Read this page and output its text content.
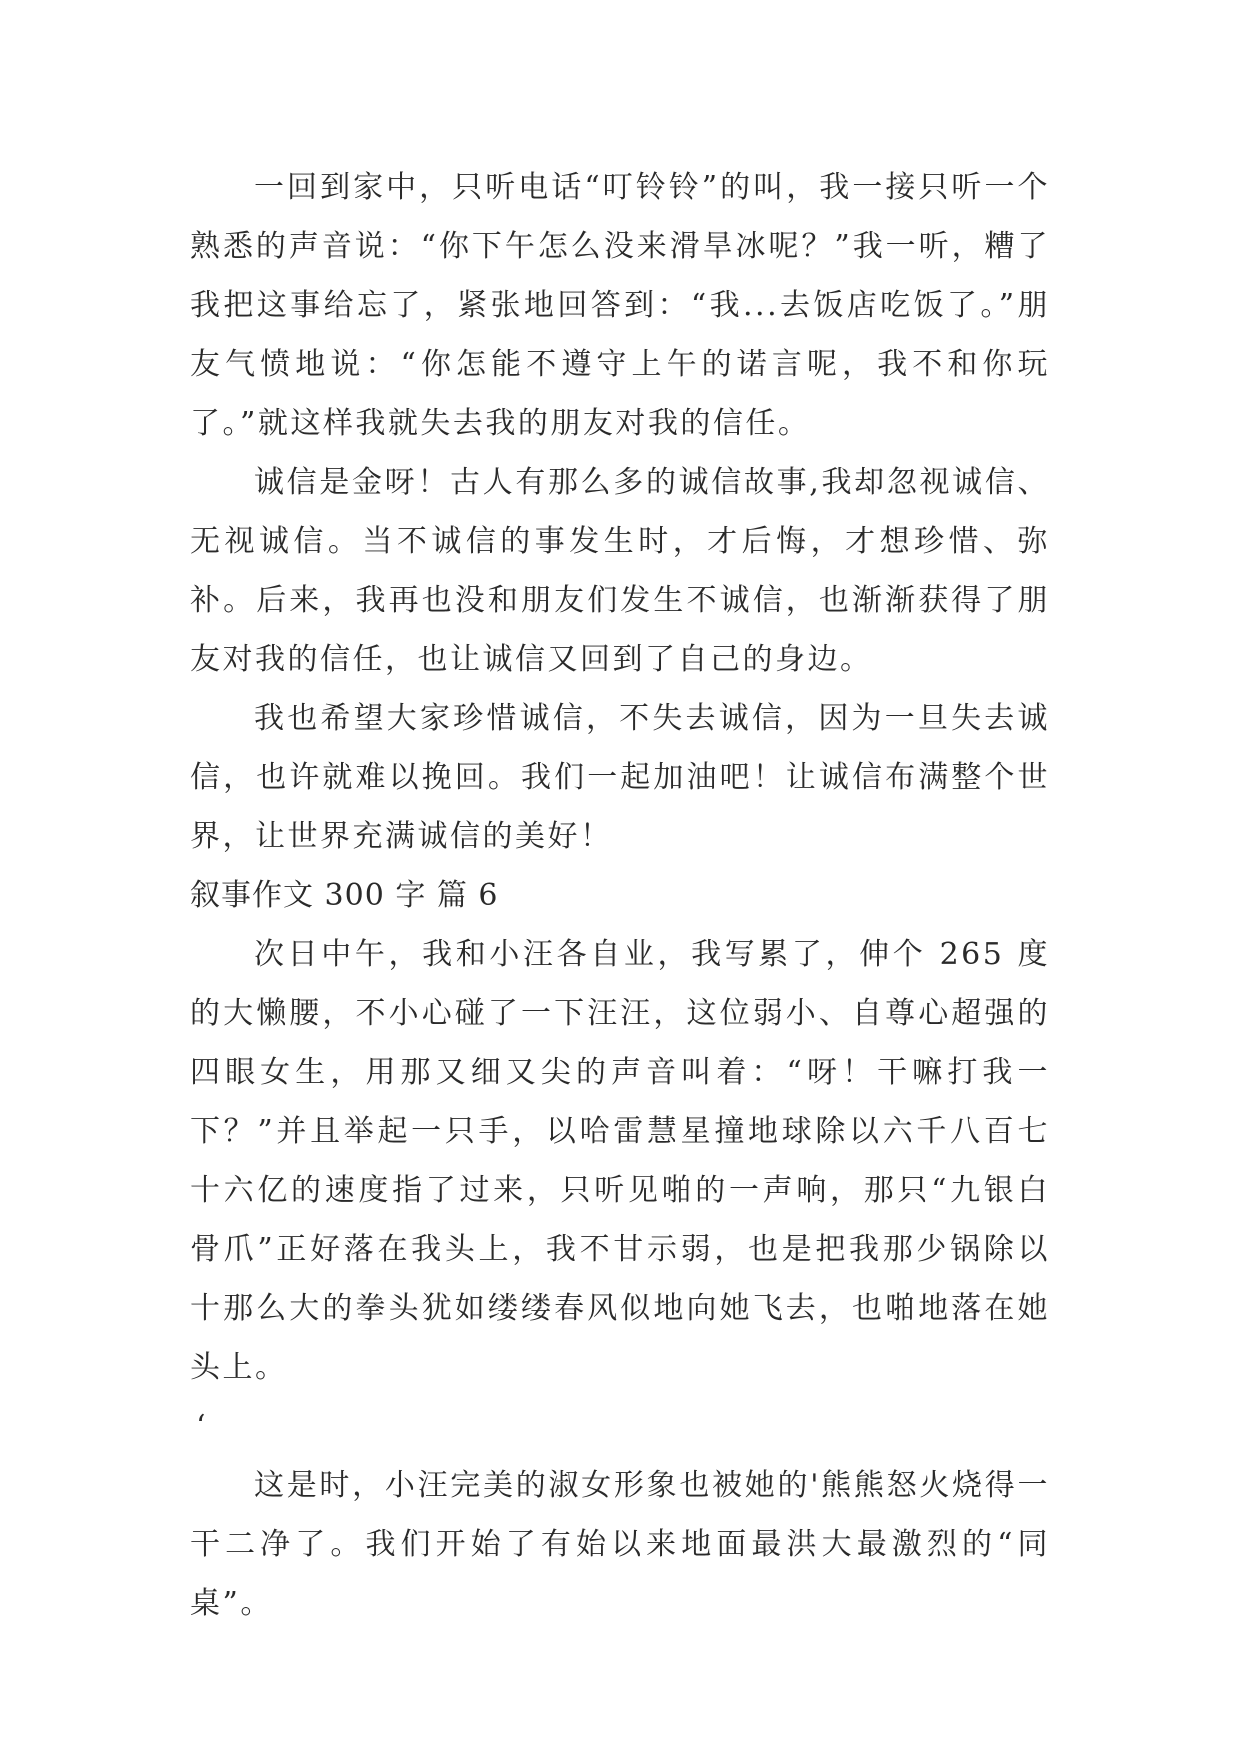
一回到家中，只听电话“叮铃铃”的叫，我一接只听一个熟悉的声音说：“你下午怎么没来滑旱冰呢？”我一听，糟了我把这事给忘了，紧张地回答到：“我...去饭店吃饭了。”朋友气愤地说：“你怎能不遵守上午的诺言呢，我不和你玩了。”就这样我就失去我的朋友对我的信任。

诚信是金呀！古人有那么多的诚信故事,我却忽视诚信、无视诚信。当不诚信的事发生时，才后悔，才想珍惜、弥补。后来，我再也没和朋友们发生不诚信，也渐渐获得了朋友对我的信任，也让诚信又回到了自己的身边。

我也希望大家珍惜诚信，不失去诚信，因为一旦失去诚信，也许就难以挽回。我们一起加油吧！让诚信布满整个世界，让世界充满诚信的美好！

叙事作文 300 字 篇 6

次日中午，我和小汪各自业，我写累了，伸个 265 度的大懒腰，不小心碰了一下汪汪，这位弱小、自尊心超强的四眼女生，用那又细又尖的声音叫着：“呀！干嘛打我一下？”并且举起一只手，以哈雷慧星撞地球除以六千八百七十六亿的速度指了过来，只听见啪的一声响，那只“九银白骨爪”正好落在我头上，我不甘示弱，也是把我那少锅除以十那么大的拳头犹如缕缕春风似地向她飞去，也啪地落在她头上。

‘

这是时，小汪完美的淑女形象也被她的'熊熊怒火烧得一干二净了。我们开始了有始以来地面最洪大最激烈的“同桌”。
